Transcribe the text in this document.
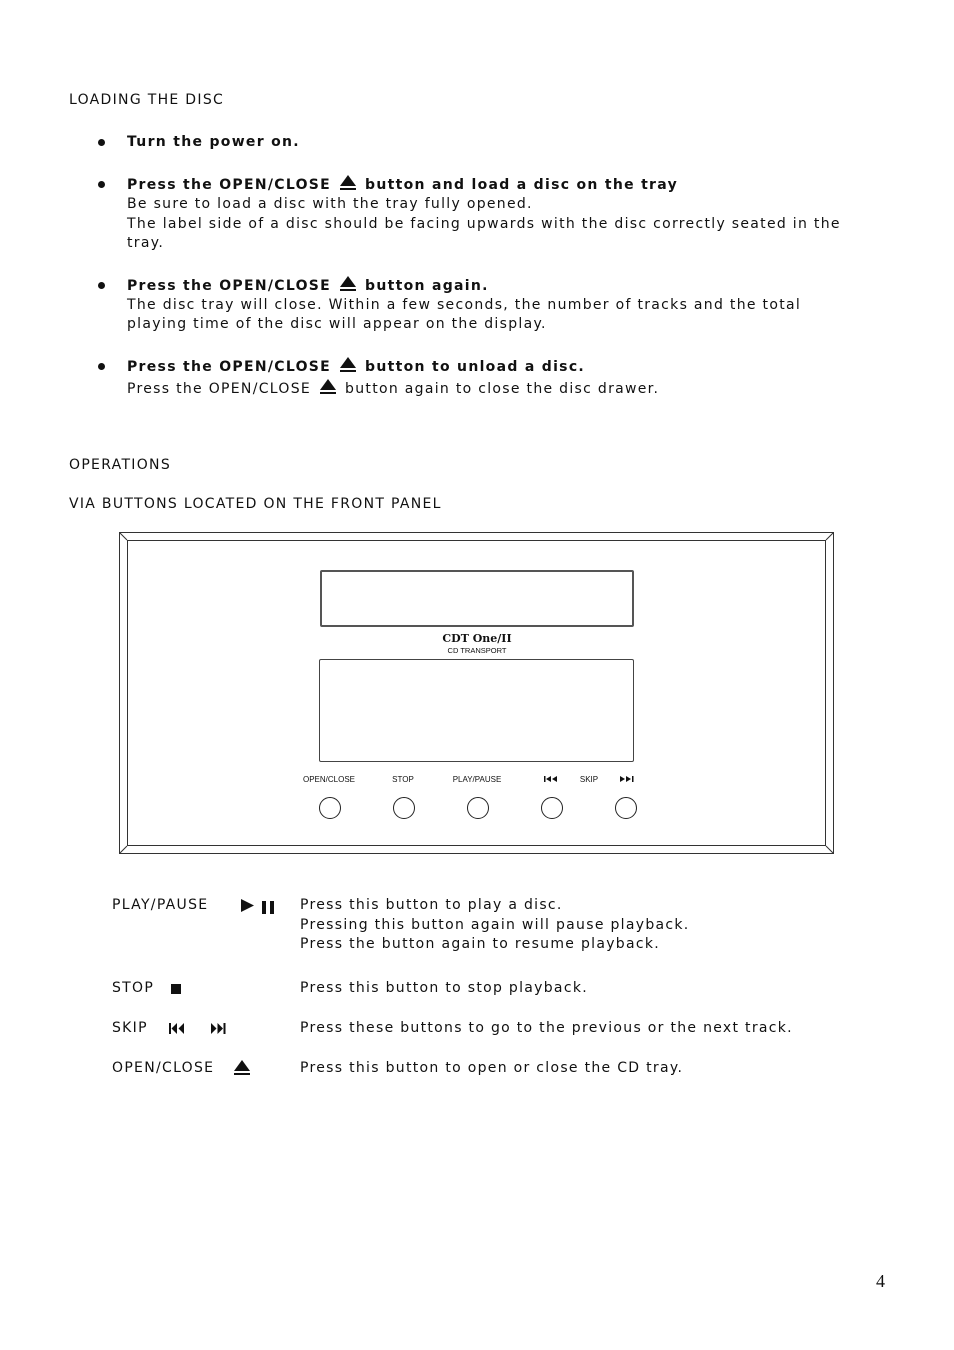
LOADING THE DISC
Turn the power on.
Press the OPEN/CLOSE button and load a disc on the tray
Be sure to load a disc with the tray fully opened.
The label side of a disc should be facing upwards with the disc correctly seated in the
tray.
Press the OPEN/CLOSE button again.
The disc tray will close. Within a few seconds, the number of tracks and the total
playing time of the disc will appear on the display.
Press the OPEN/CLOSE button to unload a disc.
Press the OPEN/CLOSE button again to close the disc drawer.
OPERATIONS
VIA BUTTONS LOCATED ON THE FRONT PANEL
CDT One/II
CD TRANSPORT
OPEN/CLOSE	STOP	PLAY/PAUSE	SKIP
PLAY/PAUSE	Press this button to play a disc.
Pressing this button again will pause playback.
Press the button again to resume playback.
STOP	Press this button to stop playback.
SKIP	Press these buttons to go to the previous or the next track.
OPEN/CLOSE	Press this button to open or close the CD tray.
4
